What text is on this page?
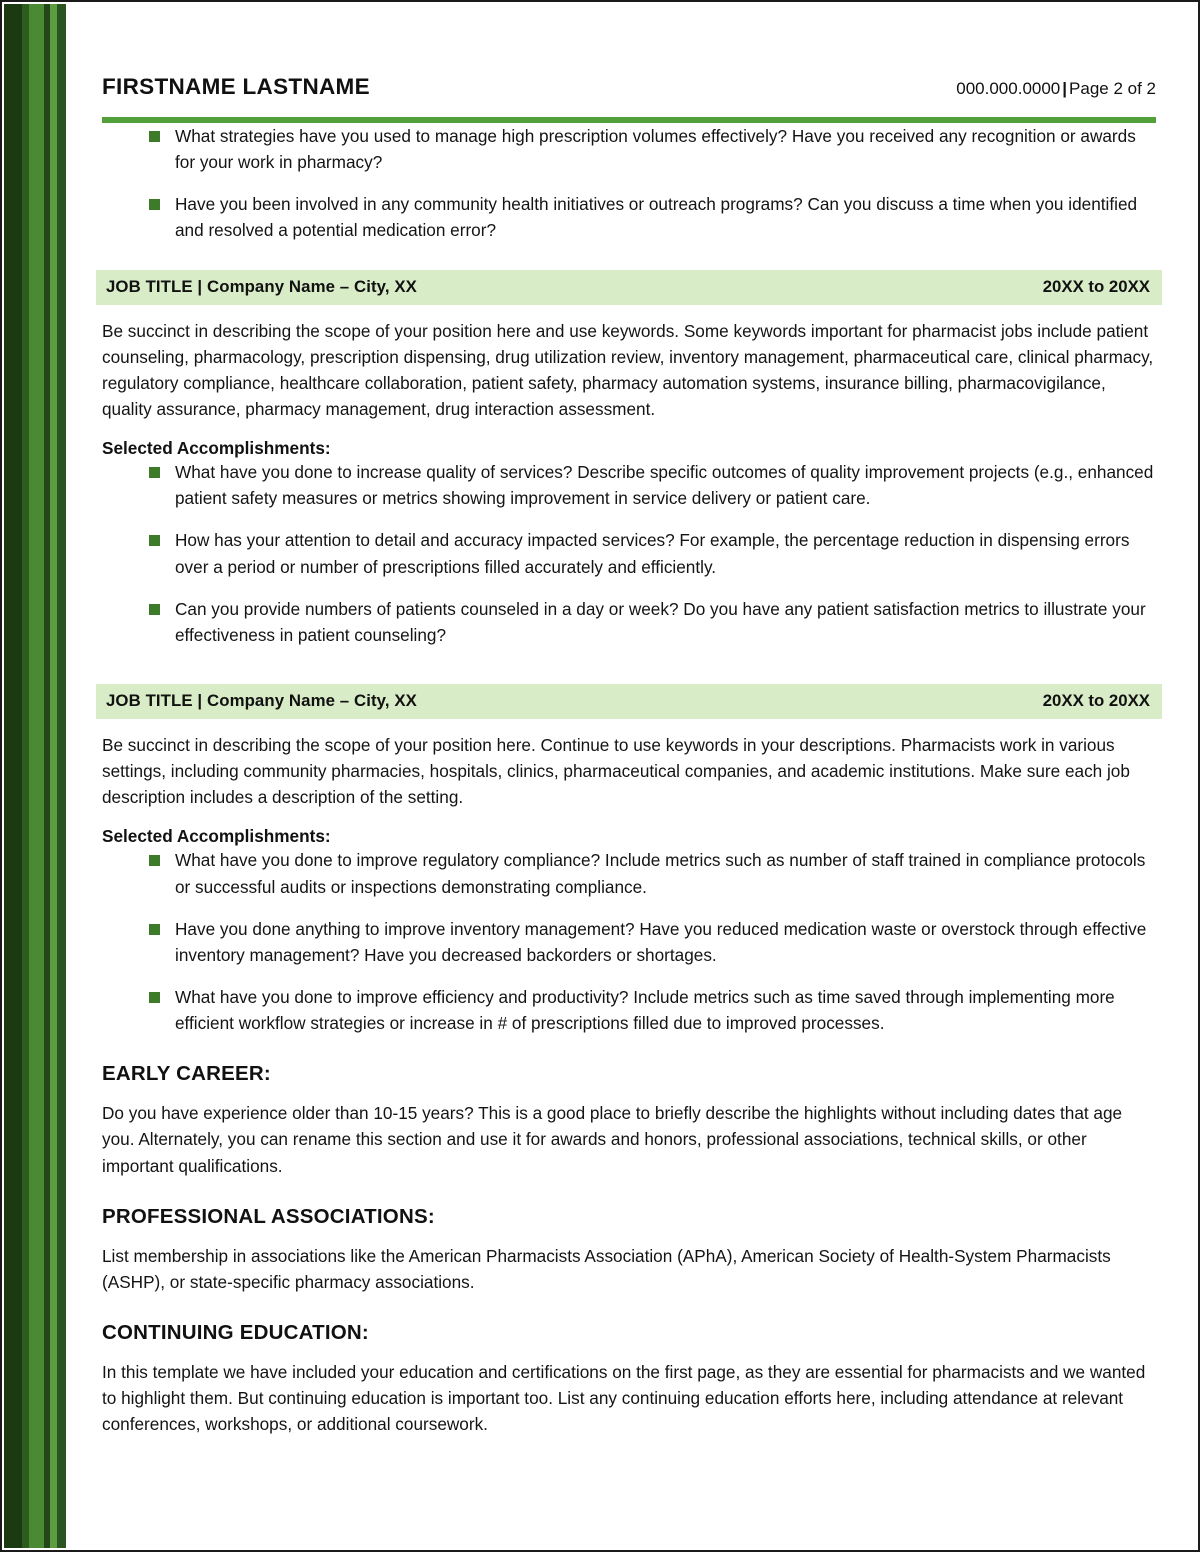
FIRSTNAME LASTNAME	000.000.0000 | Page 2 of 2
What strategies have you used to manage high prescription volumes effectively? Have you received any recognition or awards for your work in pharmacy?
Have you been involved in any community health initiatives or outreach programs? Can you discuss a time when you identified and resolved a potential medication error?
JOB TITLE | Company Name – City, XX	20XX to 20XX

Be succinct in describing the scope of your position here and use keywords. Some keywords important for pharmacist jobs include patient counseling, pharmacology, prescription dispensing, drug utilization review, inventory management, pharmaceutical care, clinical pharmacy, regulatory compliance, healthcare collaboration, patient safety, pharmacy automation systems, insurance billing, pharmacovigilance, quality assurance, pharmacy management, drug interaction assessment.

Selected Accomplishments:
What have you done to increase quality of services? Describe specific outcomes of quality improvement projects (e.g., enhanced patient safety measures or metrics showing improvement in service delivery or patient care.
How has your attention to detail and accuracy impacted services? For example, the percentage reduction in dispensing errors over a period or number of prescriptions filled accurately and efficiently.
Can you provide numbers of patients counseled in a day or week? Do you have any patient satisfaction metrics to illustrate your effectiveness in patient counseling?
JOB TITLE | Company Name – City, XX	20XX to 20XX

Be succinct in describing the scope of your position here. Continue to use keywords in your descriptions. Pharmacists work in various settings, including community pharmacies, hospitals, clinics, pharmaceutical companies, and academic institutions. Make sure each job description includes a description of the setting.

Selected Accomplishments:
What have you done to improve regulatory compliance? Include metrics such as number of staff trained in compliance protocols or successful audits or inspections demonstrating compliance.
Have you done anything to improve inventory management? Have you reduced medication waste or overstock through effective inventory management? Have you decreased backorders or shortages.
What have you done to improve efficiency and productivity? Include metrics such as time saved through implementing more efficient workflow strategies or increase in # of prescriptions filled due to improved processes.
EARLY CAREER:

Do you have experience older than 10-15 years? This is a good place to briefly describe the highlights without including dates that age you. Alternately, you can rename this section and use it for awards and honors, professional associations, technical skills, or other important qualifications.

PROFESSIONAL ASSOCIATIONS:

List membership in associations like the American Pharmacists Association (APhA), American Society of Health-System Pharmacists (ASHP), or state-specific pharmacy associations.

CONTINUING EDUCATION:

In this template we have included your education and certifications on the first page, as they are essential for pharmacists and we wanted to highlight them. But continuing education is important too. List any continuing education efforts here, including attendance at relevant conferences, workshops, or additional coursework.
